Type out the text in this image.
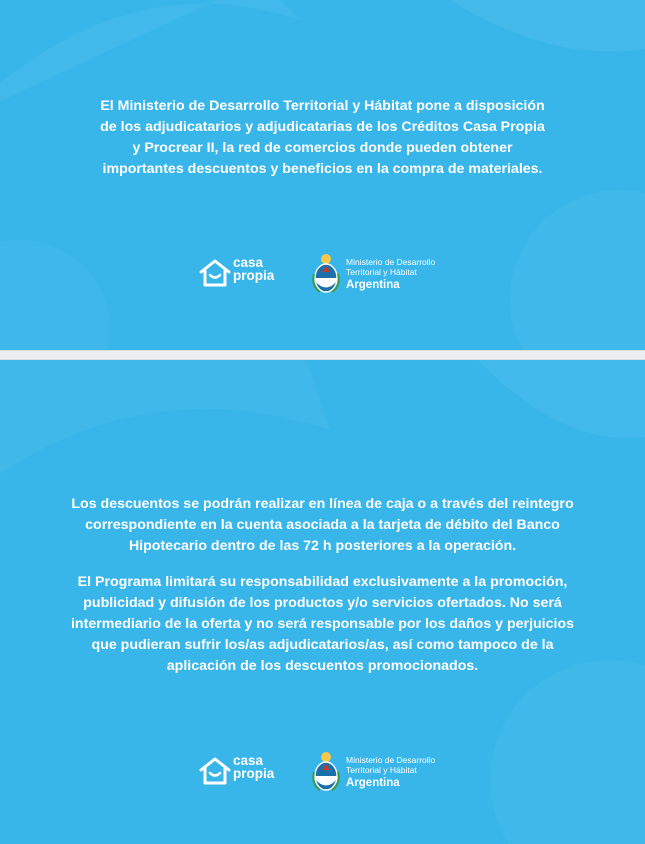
El Ministerio de Desarrollo Territorial y Hábitat pone a disposición

de los adjudicatarios y adjudicatarias de los Créditos Casa Propia

y Procrear II, la red de comercios donde pueden obtener

importantes descuentos y beneficios en la compra de materiales.

casa
propia
Ministerio de Desarrollo
Territorial y Hábitat
Argentina

Los descuentos se podrán realizar en línea de caja o a través del reintegro

correspondiente en la cuenta asociada a la tarjeta de débito del Banco

Hipotecario dentro de las 72 h posteriores a la operación.

El Programa limitará su responsabilidad exclusivamente a la promoción,

publicidad y difusión de los productos y/o servicios ofertados. No será

intermediario de la oferta y no será responsable por los daños y perjuicios

que pudieran sufrir los/as adjudicatarios/as, así como tampoco de la

aplicación de los descuentos promocionados.

casa
propia
Ministerio de Desarrollo
Territorial y Hábitat
Argentina
